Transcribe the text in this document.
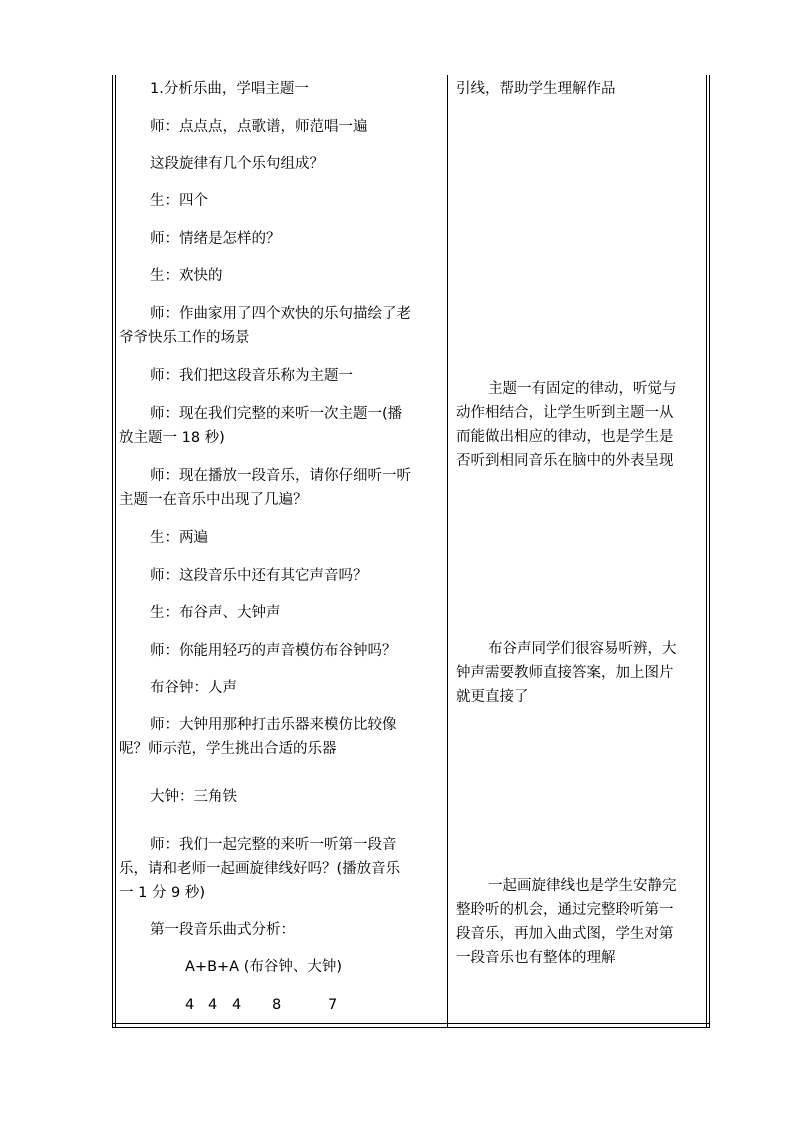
1.分析乐曲，学唱主题一
师：点点点，点歌谱，师范唱一遍
这段旋律有几个乐句组成？
生：四个
师：情绪是怎样的？
生：欢快的
师：作曲家用了四个欢快的乐句描绘了老
爷爷快乐工作的场景
师：我们把这段音乐称为主题一
师：现在我们完整的来听一次主题一(播
放主题一 18 秒)
师：现在播放一段音乐，请你仔细听一听
主题一在音乐中出现了几遍？
生：两遍
师：这段音乐中还有其它声音吗？
生：布谷声、大钟声
师：你能用轻巧的声音模仿布谷钟吗？
布谷钟：人声
师：大钟用那种打击乐器来模仿比较像
呢？师示范，学生挑出合适的乐器
大钟：三角铁
师：我们一起完整的来听一听第一段音
乐，请和老师一起画旋律线好吗？(播放音乐
一 1 分 9 秒)
第一段音乐曲式分析：
A+B+A (布谷钟、大钟)
4 4 4 8	7
引线，帮助学生理解作品
主题一有固定的律动，听觉与
动作相结合，让学生听到主题一从
而能做出相应的律动，也是学生是
否听到相同音乐在脑中的外表呈现
布谷声同学们很容易听辨，大
钟声需要教师直接答案，加上图片
就更直接了
一起画旋律线也是学生安静完
整聆听的机会，通过完整聆听第一
段音乐，再加入曲式图，学生对第
一段音乐也有整体的理解
